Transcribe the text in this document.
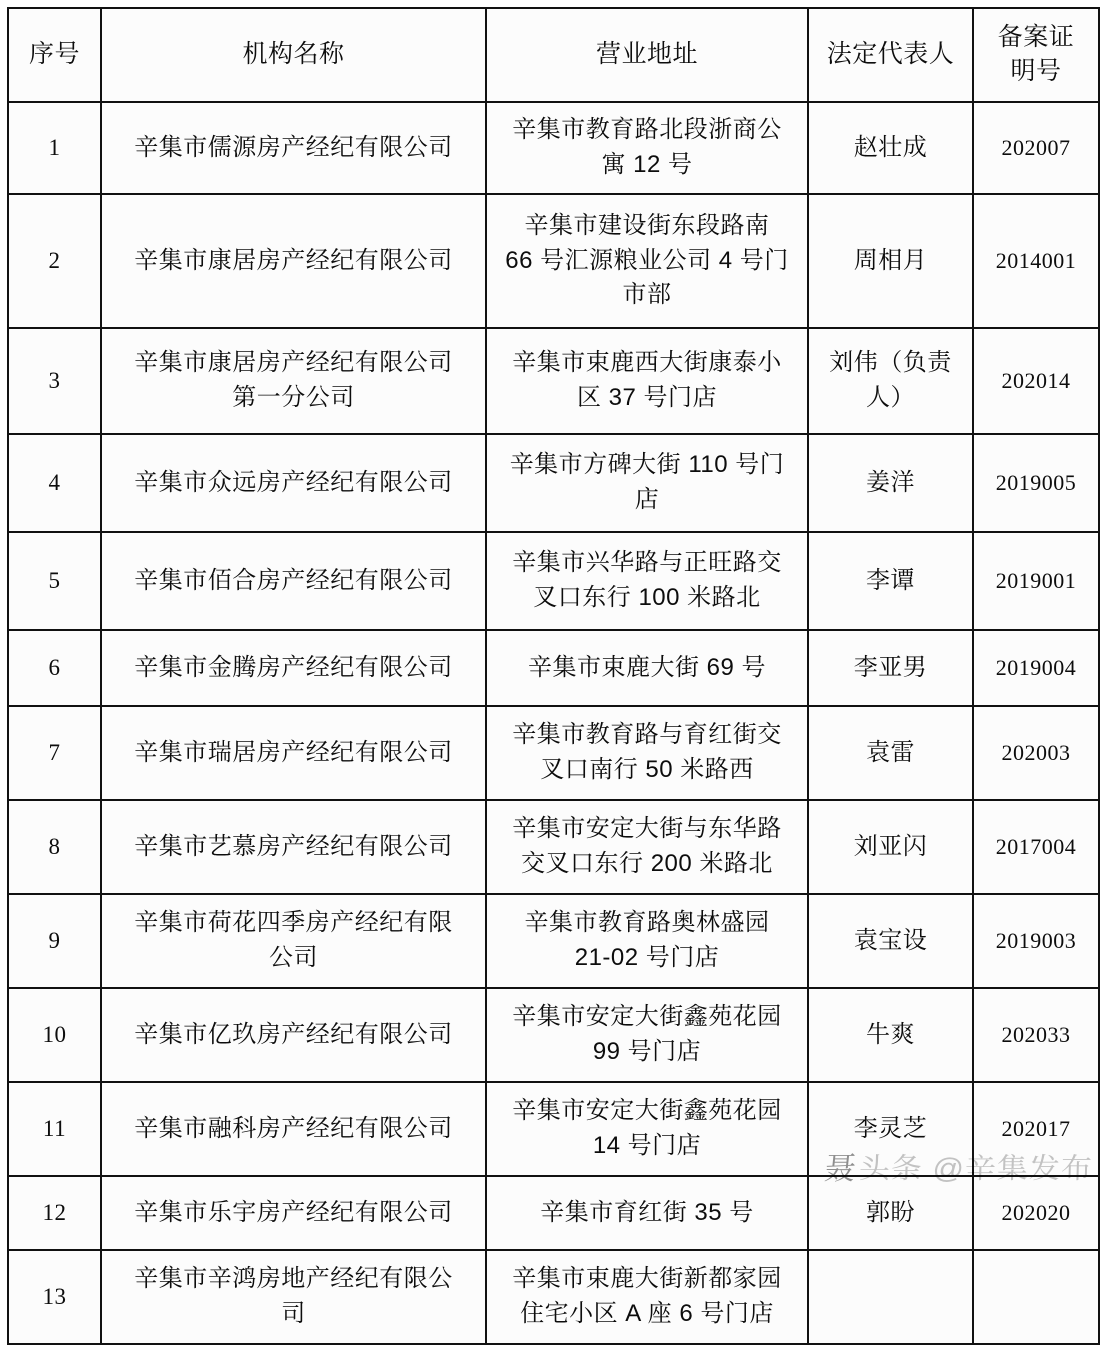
序号	机构名称	营业地址	法定代表人	备案证
明号

1	辛集市儒源房产经纪有限公司	辛集市教育路北段浙商公
寓 12 号	赵壮成	202007
2	辛集市康居房产经纪有限公司	辛集市建设街东段路南
66 号汇源粮业公司 4 号门
市部	周相月	2014001
3	辛集市康居房产经纪有限公司
第一分公司	辛集市束鹿西大街康泰小
区 37 号门店	刘伟（负责
人）	202014
4	辛集市众远房产经纪有限公司	辛集市方碑大街 110 号门
店	姜洋	2019005
5	辛集市佰合房产经纪有限公司	辛集市兴华路与正旺路交
叉口东行 100 米路北	李谭	2019001
6	辛集市金腾房产经纪有限公司	辛集市束鹿大街 69 号	李亚男	2019004
7	辛集市瑞居房产经纪有限公司	辛集市教育路与育红街交
叉口南行 50 米路西	袁雷	202003
8	辛集市艺慕房产经纪有限公司	辛集市安定大街与东华路
交叉口东行 200 米路北	刘亚闪	2017004
9	辛集市荷花四季房产经纪有限
公司	辛集市教育路奥林盛园
21-02 号门店	袁宝设	2019003
10	辛集市亿玖房产经纪有限公司	辛集市安定大街鑫苑花园
99 号门店	牛爽	202033
11	辛集市融科房产经纪有限公司	辛集市安定大街鑫苑花园
14 号门店	李灵芝	202017
12	辛集市乐宇房产经纪有限公司	辛集市育红街 35 号	郭盼	202020
13	辛集市辛鸿房地产经纪有限公
司	辛集市束鹿大街新都家园
住宅小区 A 座 6 号门店		

聂 头条 @辛集发布
